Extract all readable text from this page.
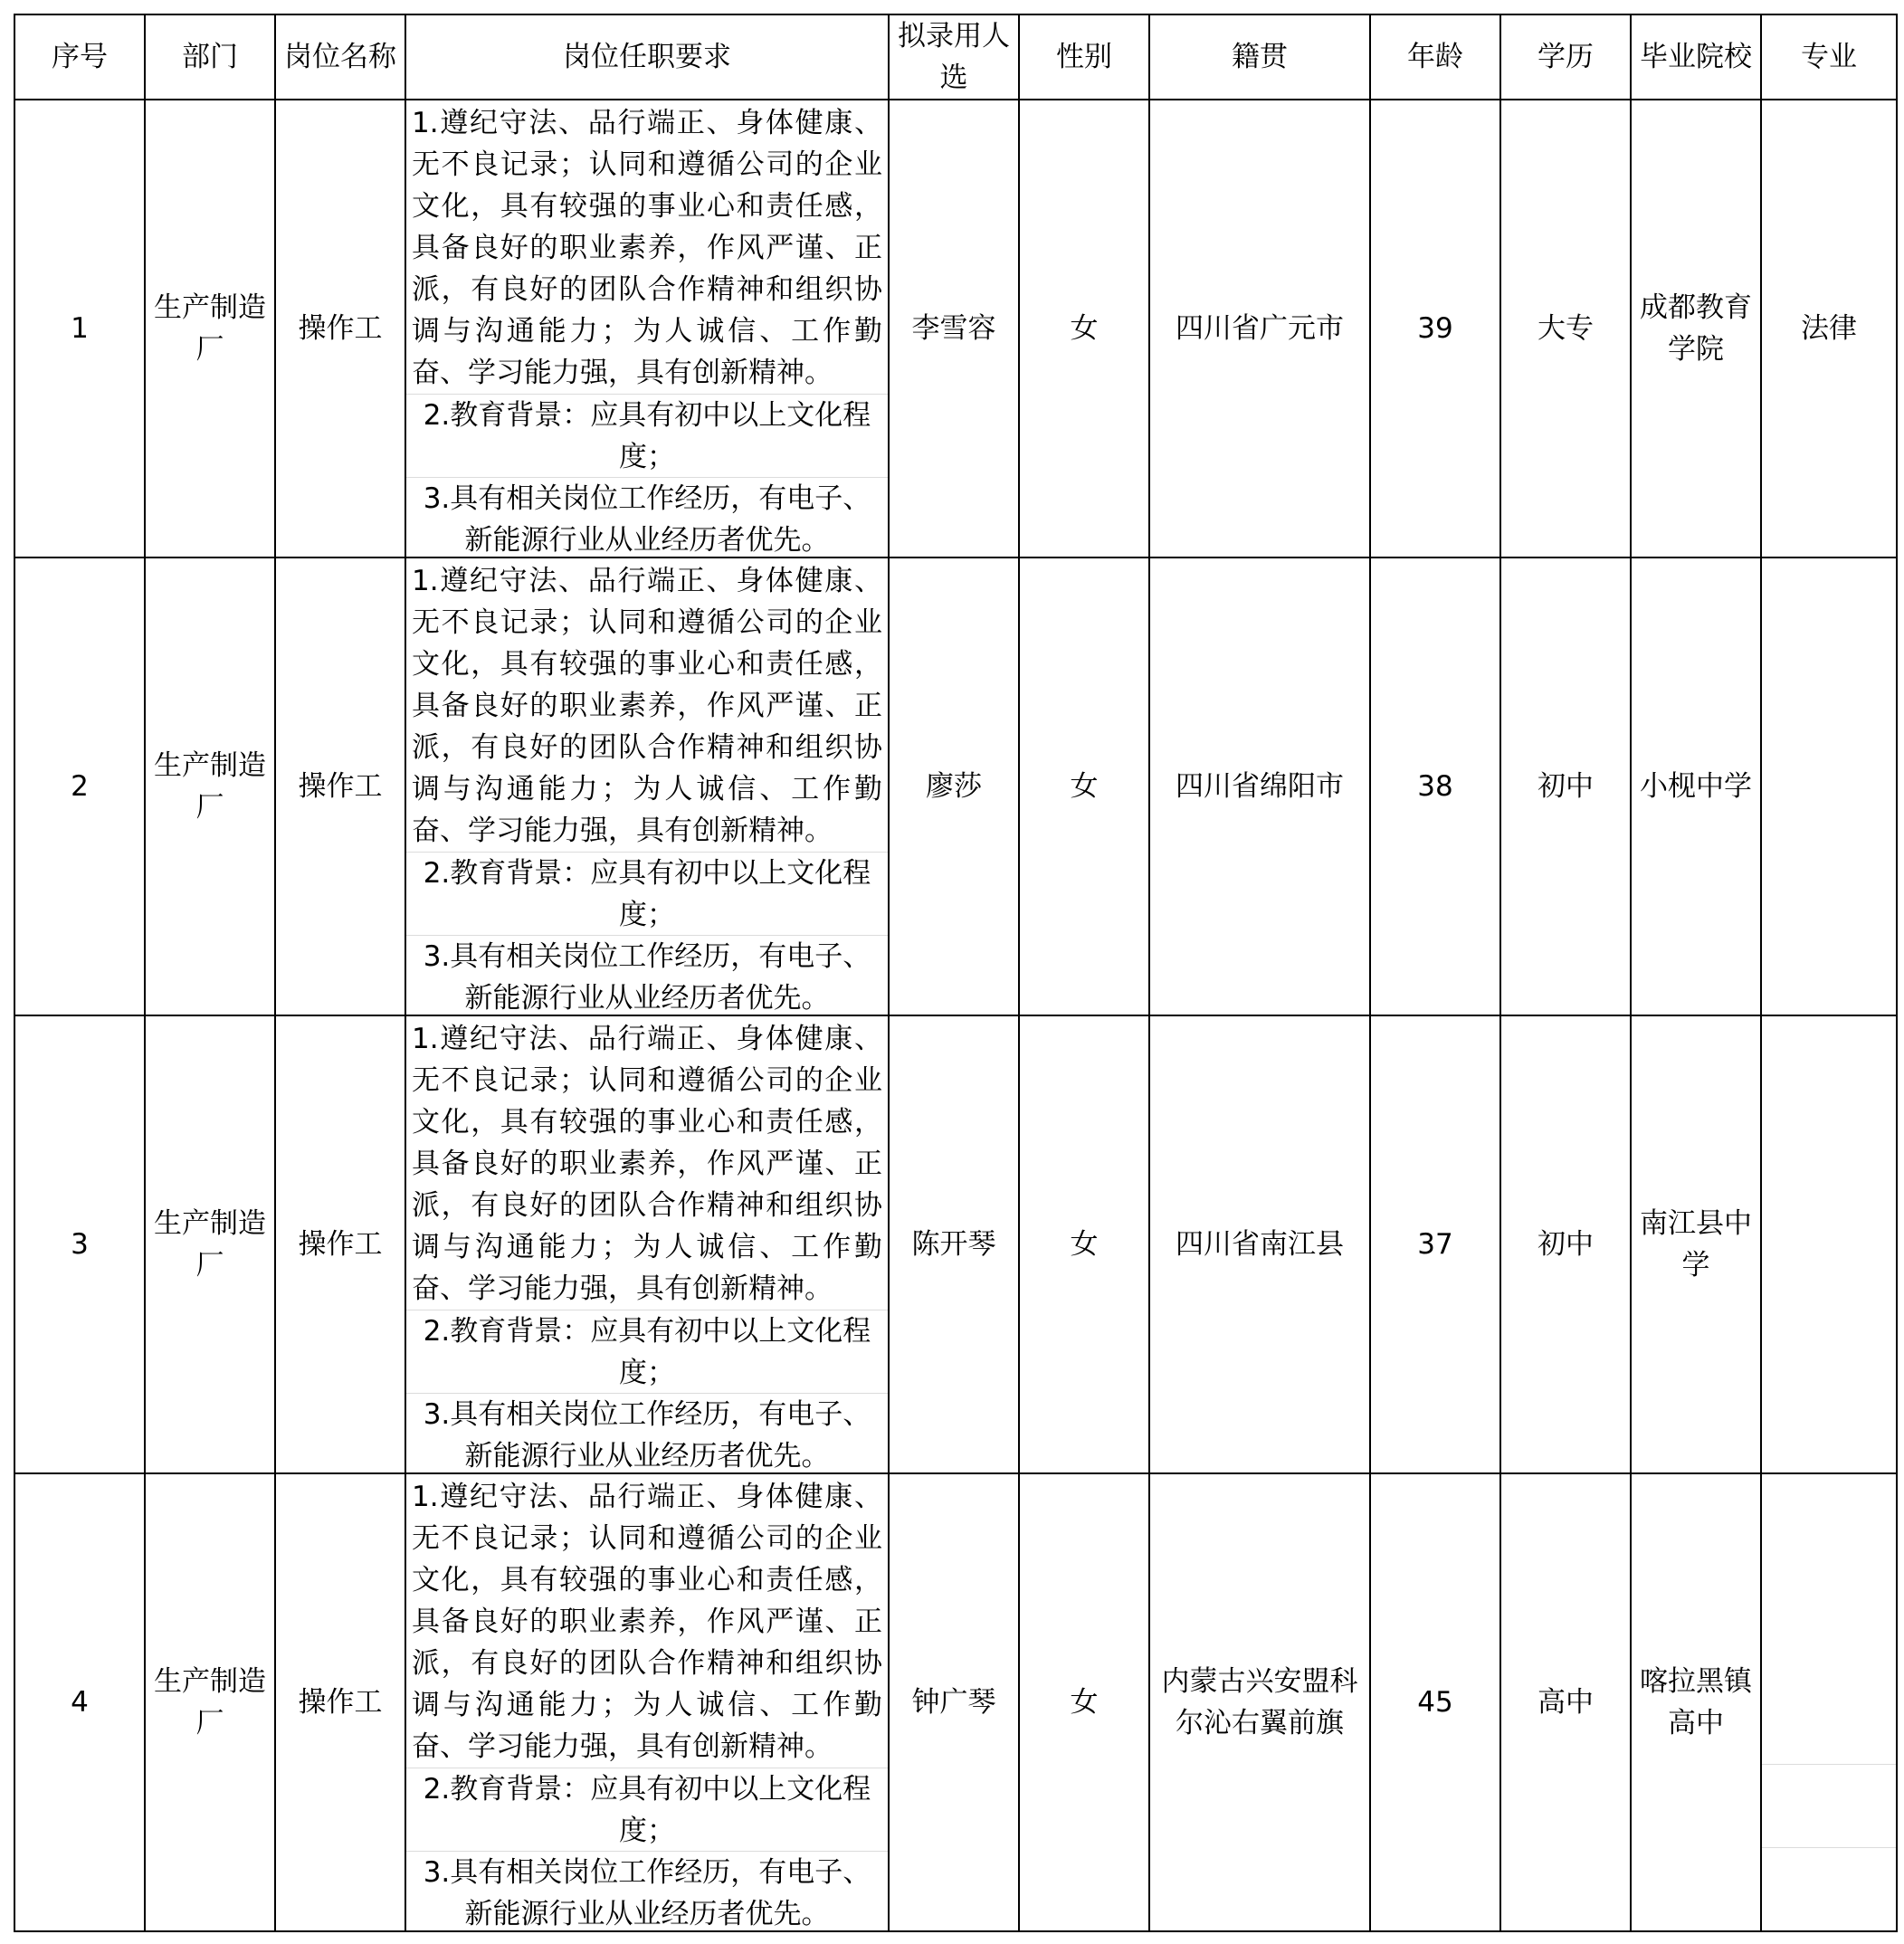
序号	部门	岗位名称	岗位任职要求	拟录用人选	性别	籍贯	年龄	学历	毕业院校	专业

1	生产制造厂	操作工	1.遵纪守法、品行端正、身体健康、无不良记录；认同和遵循公司的企业文化，具有较强的事业心和责任感，具备良好的职业素养，作风严谨、正派，有良好的团队合作精神和组织协调与沟通能力；为人诚信、工作勤奋、学习能力强，具有创新精神。
2.教育背景：应具有初中以上文化程度；
3.具有相关岗位工作经历，有电子、新能源行业从业经历者优先。	李雪容	女	四川省广元市	39	大专	成都教育学院	法律
2	生产制造厂	操作工	1.遵纪守法、品行端正、身体健康、无不良记录；认同和遵循公司的企业文化，具有较强的事业心和责任感，具备良好的职业素养，作风严谨、正派，有良好的团队合作精神和组织协调与沟通能力；为人诚信、工作勤奋、学习能力强，具有创新精神。
2.教育背景：应具有初中以上文化程度；
3.具有相关岗位工作经历，有电子、新能源行业从业经历者优先。	廖莎	女	四川省绵阳市	38	初中	小枧中学	

3	生产制造厂	操作工	1.遵纪守法、品行端正、身体健康、无不良记录；认同和遵循公司的企业文化，具有较强的事业心和责任感，具备良好的职业素养，作风严谨、正派，有良好的团队合作精神和组织协调与沟通能力；为人诚信、工作勤奋、学习能力强，具有创新精神。
2.教育背景：应具有初中以上文化程度；
3.具有相关岗位工作经历，有电子、新能源行业从业经历者优先。	陈开琴	女	四川省南江县	37	初中	南江县中学	

4	生产制造厂	操作工	1.遵纪守法、品行端正、身体健康、无不良记录；认同和遵循公司的企业文化，具有较强的事业心和责任感，具备良好的职业素养，作风严谨、正派，有良好的团队合作精神和组织协调与沟通能力；为人诚信、工作勤奋、学习能力强，具有创新精神。
2.教育背景：应具有初中以上文化程度；
3.具有相关岗位工作经历，有电子、新能源行业从业经历者优先。	钟广琴	女	内蒙古兴安盟科尔沁右翼前旗	45	高中	喀拉黑镇高中	
